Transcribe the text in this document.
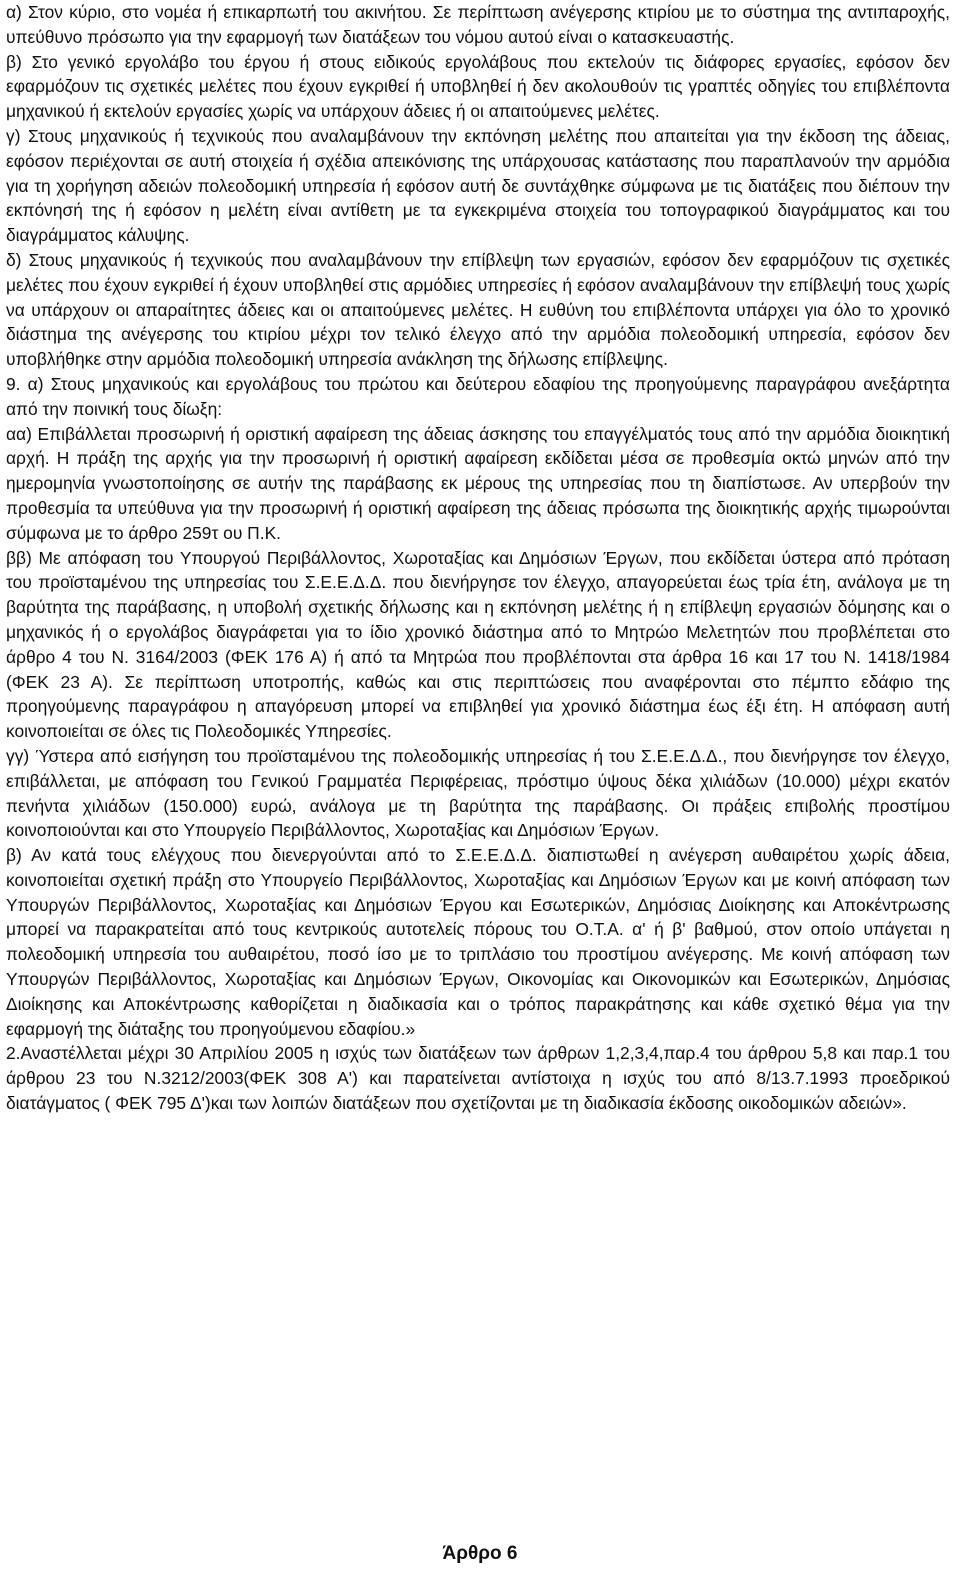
α) Στον κύριο, στο νομέα ή επικαρπωτή του ακινήτου. Σε περίπτωση ανέγερσης κτιρίου με το σύστημα της αντιπαροχής, υπεύθυνο πρόσωπο για την εφαρμογή των διατάξεων του νόμου αυτού είναι ο κατασκευαστής.

β) Στο γενικό εργολάβο του έργου ή στους ειδικούς εργολάβους που εκτελούν τις διάφορες εργασίες, εφόσον δεν εφαρμόζουν τις σχετικές μελέτες που έχουν εγκριθεί ή υποβληθεί ή δεν ακολουθούν τις γραπτές οδηγίες του επιβλέποντα μηχανικού ή εκτελούν εργασίες χωρίς να υπάρχουν άδειες ή οι απαιτούμενες μελέτες.

γ) Στους μηχανικούς ή τεχνικούς που αναλαμβάνουν την εκπόνηση μελέτης που απαιτείται για την έκδοση της άδειας, εφόσον περιέχονται σε αυτή στοιχεία ή σχέδια απεικόνισης της υπάρχουσας κατάστασης που παραπλανούν την αρμόδια για τη χορήγηση αδειών πολεοδομική υπηρεσία ή εφόσον αυτή δε συντάχθηκε σύμφωνα με τις διατάξεις που διέπουν την εκπόνησή της ή εφόσον η μελέτη είναι αντίθετη με τα εγκεκριμένα στοιχεία του τοπογραφικού διαγράμματος και του διαγράμματος κάλυψης.

δ) Στους μηχανικούς ή τεχνικούς που αναλαμβάνουν την επίβλεψη των εργασιών, εφόσον δεν εφαρμόζουν τις σχετικές μελέτες που έχουν εγκριθεί ή έχουν υποβληθεί στις αρμόδιες υπηρεσίες ή εφόσον αναλαμβάνουν την επίβλεψή τους χωρίς να υπάρχουν οι απαραίτητες άδειες και οι απαιτούμενες μελέτες. Η ευθύνη του επιβλέποντα υπάρχει για όλο το χρονικό διάστημα της ανέγερσης του κτιρίου μέχρι τον τελικό έλεγχο από την αρμόδια πολεοδομική υπηρεσία, εφόσον δεν υποβλήθηκε στην αρμόδια πολεοδομική υπηρεσία ανάκληση της δήλωσης επίβλεψης.

9. α) Στους μηχανικούς και εργολάβους του πρώτου και δεύτερου εδαφίου της προηγούμενης παραγράφου ανεξάρτητα από την ποινική τους δίωξη:

αα) Επιβάλλεται προσωρινή ή οριστική αφαίρεση της άδειας άσκησης του επαγγέλματός τους από την αρμόδια διοικητική αρχή. Η πράξη της αρχής για την προσωρινή ή οριστική αφαίρεση εκδίδεται μέσα σε προθεσμία οκτώ μηνών από την ημερομηνία γνωστοποίησης σε αυτήν της παράβασης εκ μέρους της υπηρεσίας που τη διαπίστωσε. Αν υπερβούν την προθεσμία τα υπεύθυνα για την προσωρινή ή οριστική αφαίρεση της άδειας πρόσωπα της διοικητικής αρχής τιμωρούνται σύμφωνα με το άρθρο 259τ ου Π.Κ.

ββ) Με απόφαση του Υπουργού Περιβάλλοντος, Χωροταξίας και Δημόσιων Έργων, που εκδίδεται ύστερα από πρόταση του προϊσταμένου της υπηρεσίας του Σ.Ε.Ε.Δ.Δ. που διενήργησε τον έλεγχο, απαγορεύεται έως τρία έτη, ανάλογα με τη βαρύτητα της παράβασης, η υποβολή σχετικής δήλωσης και η εκπόνηση μελέτης ή η επίβλεψη εργασιών δόμησης και ο μηχανικός ή ο εργολάβος διαγράφεται για το ίδιο χρονικό διάστημα από το Μητρώο Μελετητών που προβλέπεται στο άρθρο 4 του Ν. 3164/2003 (ΦΕΚ 176 Α) ή από τα Μητρώα που προβλέπονται στα άρθρα 16 και 17 του Ν. 1418/1984 (ΦΕΚ 23 Α). Σε περίπτωση υποτροπής, καθώς και στις περιπτώσεις που αναφέρονται στο πέμπτο εδάφιο της προηγούμενης παραγράφου η απαγόρευση μπορεί να επιβληθεί για χρονικό διάστημα έως έξι έτη. Η απόφαση αυτή κοινοποιείται σε όλες τις Πολεοδομικές Υπηρεσίες.

γγ) Ύστερα από εισήγηση του προϊσταμένου της πολεοδομικής υπηρεσίας ή του Σ.Ε.Ε.Δ.Δ., που διενήργησε τον έλεγχο, επιβάλλεται, με απόφαση του Γενικού Γραμματέα Περιφέρειας, πρόστιμο ύψους δέκα χιλιάδων (10.000) μέχρι εκατόν πενήντα χιλιάδων (150.000) ευρώ, ανάλογα με τη βαρύτητα της παράβασης. Οι πράξεις επιβολής προστίμου κοινοποιούνται και στο Υπουργείο Περιβάλλοντος, Χωροταξίας και Δημόσιων Έργων.

β) Αν κατά τους ελέγχους που διενεργούνται από το Σ.Ε.Ε.Δ.Δ. διαπιστωθεί η ανέγερση αυθαιρέτου χωρίς άδεια, κοινοποιείται σχετική πράξη στο Υπουργείο Περιβάλλοντος, Χωροταξίας και Δημόσιων Έργων και με κοινή απόφαση των Υπουργών Περιβάλλοντος, Χωροταξίας και Δημόσιων Έργου και Εσωτερικών, Δημόσιας Διοίκησης και Αποκέντρωσης μπορεί να παρακρατείται από τους κεντρικούς αυτοτελείς πόρους του Ο.Τ.Α. α' ή β' βαθμού, στον οποίο υπάγεται η πολεοδομική υπηρεσία του αυθαιρέτου, ποσό ίσο με το τριπλάσιο του προστίμου ανέγερσης. Με κοινή απόφαση των Υπουργών Περιβάλλοντος, Χωροταξίας και Δημόσιων Έργων, Οικονομίας και Οικονομικών και Εσωτερικών, Δημόσιας Διοίκησης και Αποκέντρωσης καθορίζεται η διαδικασία και ο τρόπος παρακράτησης και κάθε σχετικό θέμα για την εφαρμογή της διάταξης του προηγούμενου εδαφίου.»

2.Αναστέλλεται μέχρι 30 Απριλίου 2005 η ισχύς των διατάξεων των άρθρων 1,2,3,4,παρ.4 του άρθρου 5,8 και παρ.1 του άρθρου 23 του Ν.3212/2003(ΦΕΚ 308 Α') και παρατείνεται αντίστοιχα η ισχύς του από 8/13.7.1993 προεδρικού διατάγματος ( ΦΕΚ 795 Δ')και των λοιπών διατάξεων που σχετίζονται με τη διαδικασία έκδοσης οικοδομικών αδειών».

Άρθρο 6
